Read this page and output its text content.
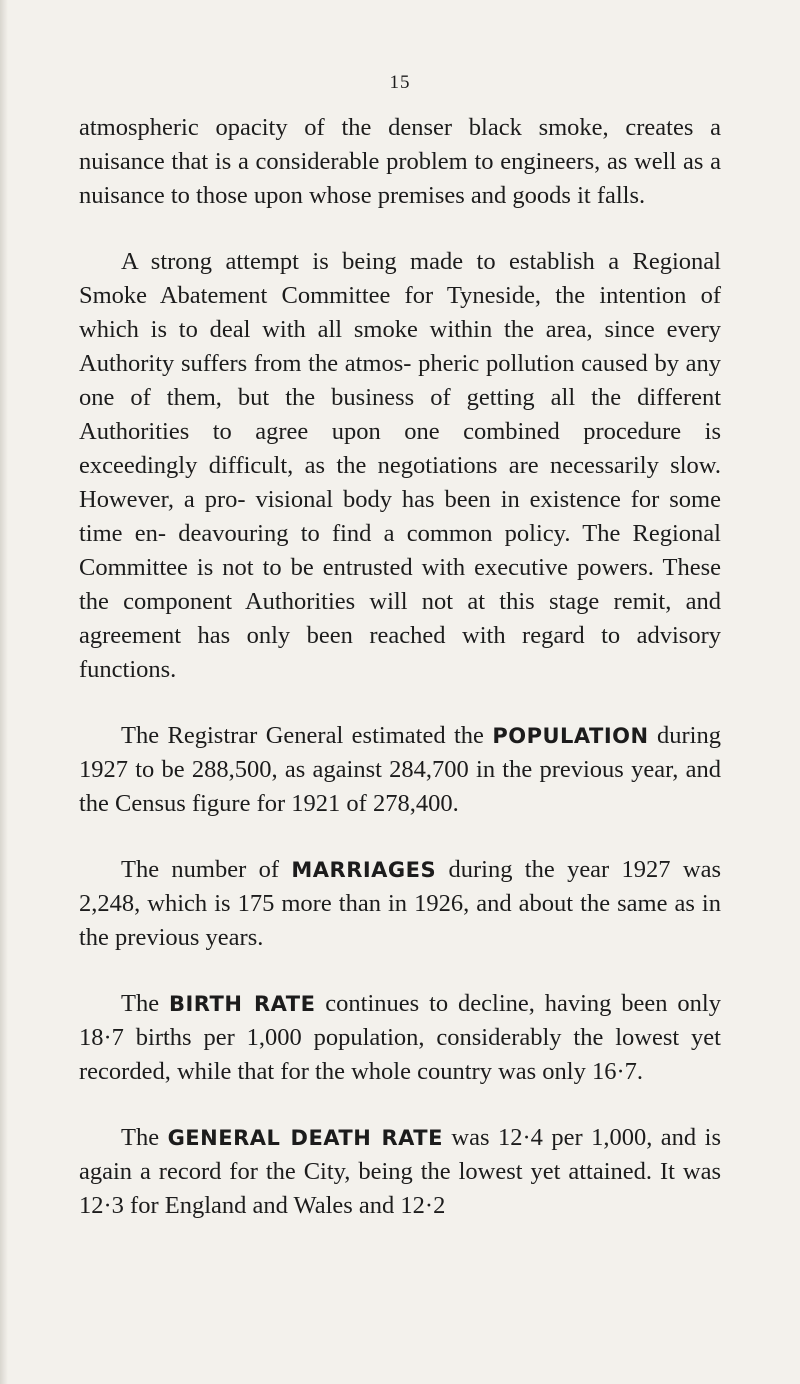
15

atmospheric opacity of the denser black smoke, creates a nuisance that is a considerable problem to engineers, as well as a nuisance to those upon whose premises and goods it falls.

A strong attempt is being made to establish a Regional Smoke Abatement Committee for Tyneside, the intention of which is to deal with all smoke within the area, since every Authority suffers from the atmos- pheric pollution caused by any one of them, but the business of getting all the different Authorities to agree upon one combined procedure is exceedingly difficult, as the negotiations are necessarily slow. However, a pro- visional body has been in existence for some time en- deavouring to find a common policy. The Regional Committee is not to be entrusted with executive powers. These the component Authorities will not at this stage remit, and agreement has only been reached with regard to advisory functions.

The Registrar General estimated the POPULATION during 1927 to be 288,500, as against 284,700 in the previous year, and the Census figure for 1921 of 278,400.

The number of MARRIAGES during the year 1927 was 2,248, which is 175 more than in 1926, and about the same as in the previous years.

The BIRTH RATE continues to decline, having been only 18·7 births per 1,000 population, considerably the lowest yet recorded, while that for the whole country was only 16·7.

The GENERAL DEATH RATE was 12·4 per 1,000, and is again a record for the City, being the lowest yet attained. It was 12·3 for England and Wales and 12·2
